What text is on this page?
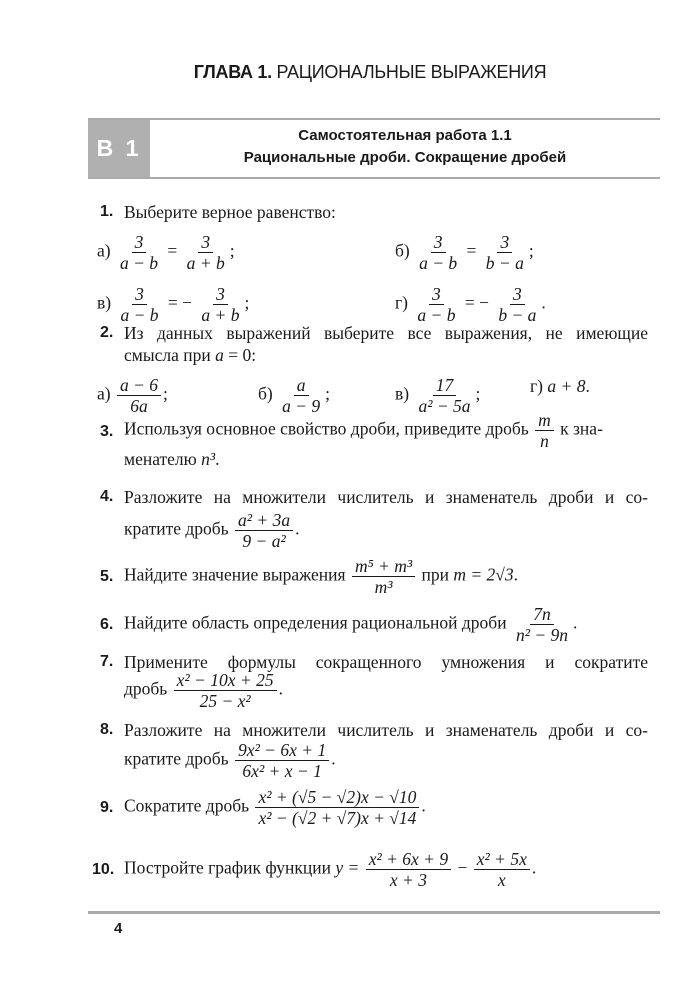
ГЛАВА 1. РАЦИОНАЛЬНЫЕ ВЫРАЖЕНИЯ
В 1	Самостоятельная работа 1.1
Рациональные дроби. Сокращение дробей
1. Выберите верное равенство:
$а) \frac{3}{a - b} = \frac{3}{a + b}$ ;	$б) \frac{3}{a - b} = \frac{3}{b - a}$ ;
$в) \frac{3}{a - b}$ = − $\frac{3}{a + b}$ ;	$г) \frac{3}{a - b}$ = − $\frac{3}{b - a}$ .
2. Из данных выражений выберите все выражения, не имеющие
смысла при a = 0:
$а) \frac{a - 6}{6a}$ ;	$б) \frac{a}{a - 9}$ ;	$в) \frac{17}{\text{a² − 5a}}$ ;	г) a + 8.
3. Используя основное свойство дроби, приведите дробь $\frac{m}{n}$ к зна-
менателю n³.
4. Разложите на множители числитель и знаменатель дроби и со-
кратите дробь $\frac{\text{a² + 3a}}{\text{9 − a²}}$ .
5. Найдите значение выражения $\frac{\text{m⁵ + m³}}{\text{m³}}$ при m = 2√3.
6. Найдите область определения рациональной дроби $\frac{7n}{\text{n² − 9n}}$ .
7. Примените формулы сокращенного умножения и сократите
дробь $\frac{\text{x² − 10x + 25}}{\text{25 − x²}}$ .
8. Разложите на множители числитель и знаменатель дроби и со-
кратите дробь $\frac{\text{9x² − 6x + 1}}{\text{6x² + x − 1}}$ .
9. Сократите дробь $\frac{\text{x² + (√5 − √2)x − √10}}{\text{x² − (√2 + √7)x + √14}}$ .
10. Постройте график функции $y = \frac{\text{x² + 6x + 9}}{x + 3} - \frac{\text{x² + 5x}}{x}$ .
4
